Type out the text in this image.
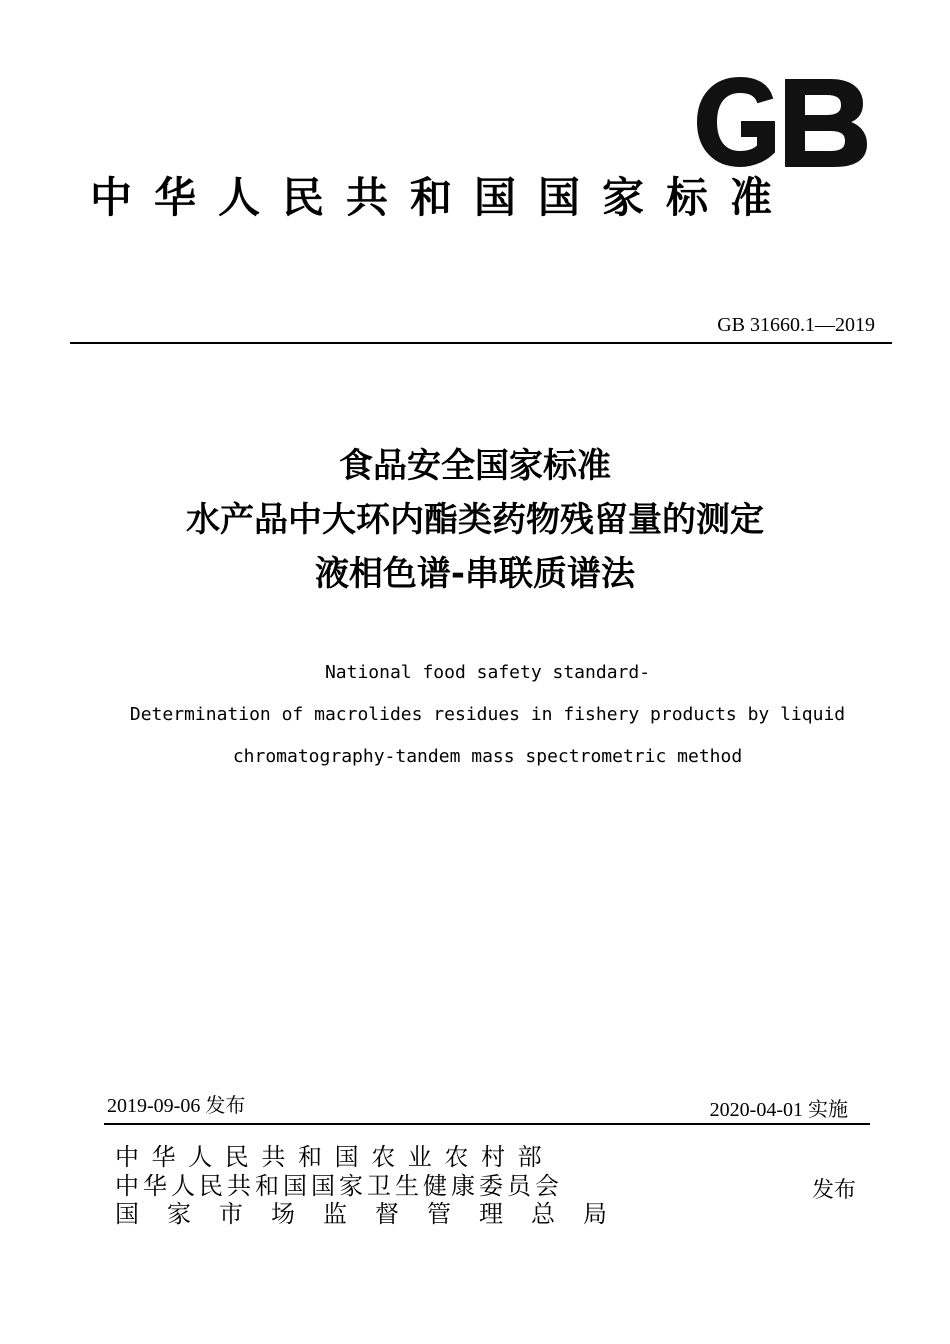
中华人民共和国国家标准
GB 31660.1—2019
食品安全国家标准
水产品中大环内酯类药物残留量的测定
液相色谱-串联质谱法
National food safety standard-
Determination of macrolides residues in fishery products by liquid
chromatography-tandem mass spectrometric method
2019-09-06 发布	2020-04-01 实施
中华人民共和国农业农村部
中华人民共和国国家卫生健康委员会
国家市场监督管理总局
发布
